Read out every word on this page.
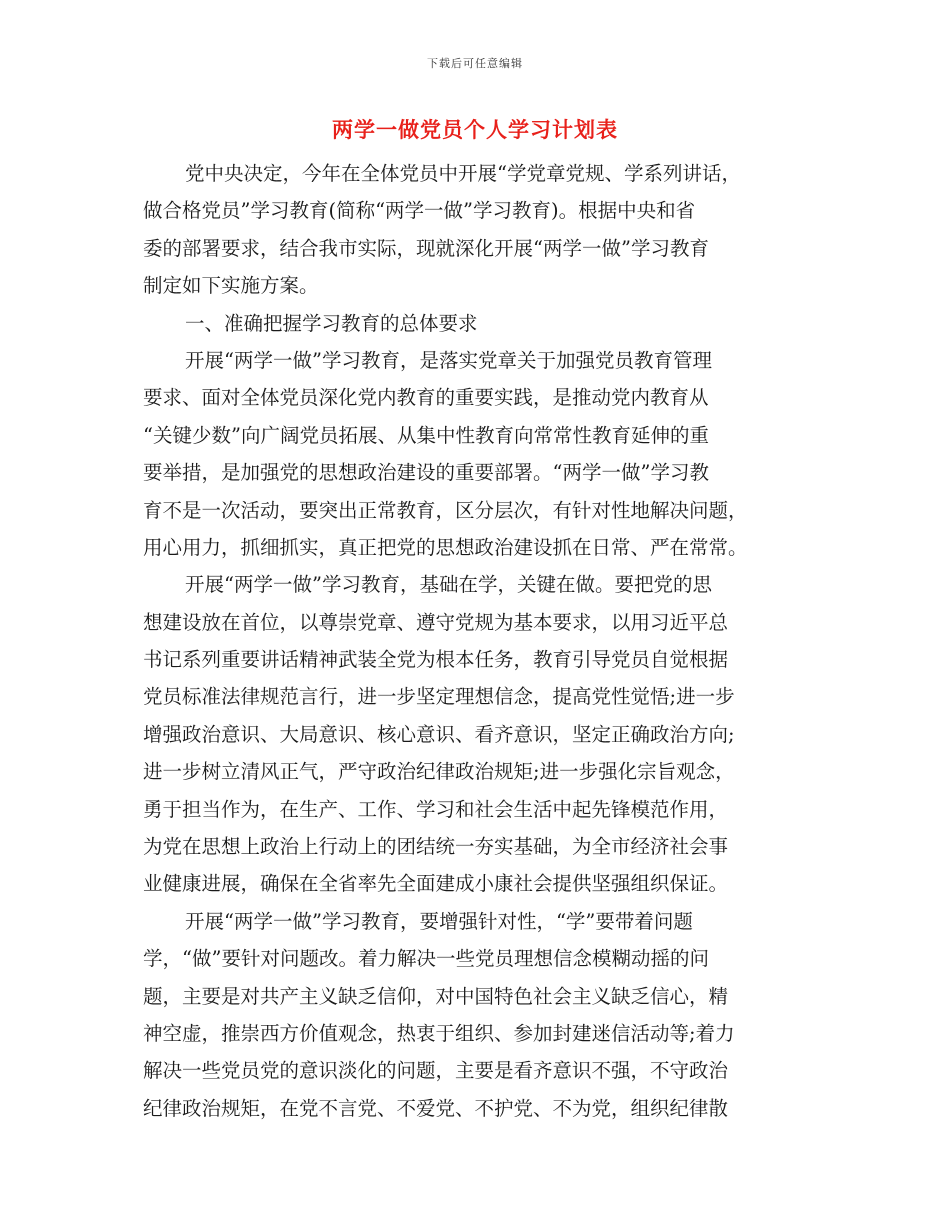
下载后可任意编辑
两学一做党员个人学习计划表

党中央决定，今年在全体党员中开展“学党章党规、学系列讲话，
做合格党员”学习教育(简称“两学一做”学习教育)。根据中央和省
委的部署要求，结合我市实际，现就深化开展“两学一做”学习教育
制定如下实施方案。

一、准确把握学习教育的总体要求

开展“两学一做”学习教育，是落实党章关于加强党员教育管理
要求、面对全体党员深化党内教育的重要实践，是推动党内教育从
“关键少数”向广阔党员拓展、从集中性教育向常常性教育延伸的重
要举措，是加强党的思想政治建设的重要部署。“两学一做”学习教
育不是一次活动，要突出正常教育，区分层次，有针对性地解决问题，
用心用力，抓细抓实，真正把党的思想政治建设抓在日常、严在常常。

开展“两学一做”学习教育，基础在学，关键在做。要把党的思
想建设放在首位，以尊崇党章、遵守党规为基本要求，以用习近平总
书记系列重要讲话精神武装全党为根本任务，教育引导党员自觉根据
党员标准法律规范言行，进一步坚定理想信念，提高党性觉悟;进一步
增强政治意识、大局意识、核心意识、看齐意识，坚定正确政治方向;
进一步树立清风正气，严守政治纪律政治规矩;进一步强化宗旨观念，
勇于担当作为，在生产、工作、学习和社会生活中起先锋模范作用，
为党在思想上政治上行动上的团结统一夯实基础，为全市经济社会事
业健康进展，确保在全省率先全面建成小康社会提供坚强组织保证。

开展“两学一做”学习教育，要增强针对性，“学”要带着问题
学，“做”要针对问题改。着力解决一些党员理想信念模糊动摇的问
题，主要是对共产主义缺乏信仰，对中国特色社会主义缺乏信心，精
神空虚，推崇西方价值观念，热衷于组织、参加封建迷信活动等;着力
解决一些党员党的意识淡化的问题，主要是看齐意识不强，不守政治
纪律政治规矩，在党不言党、不爱党、不护党、不为党，组织纪律散
